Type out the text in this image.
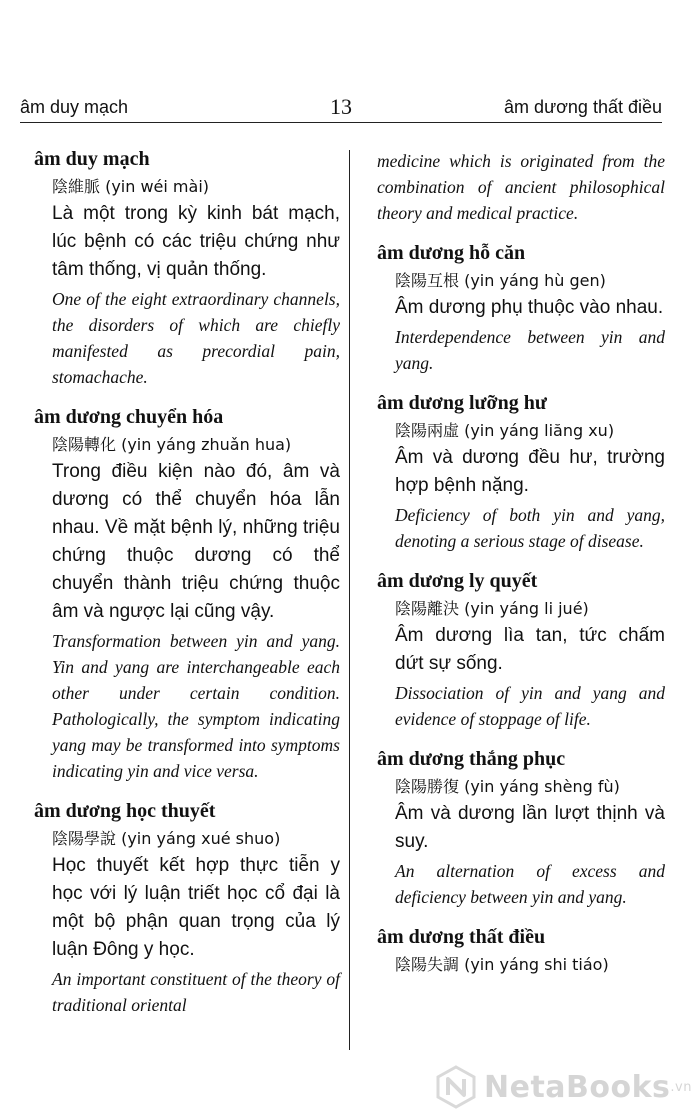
âm duy mạch	13	âm dương thất điều
âm duy mạch
陰維脈 (yin wéi mài)
Là một trong kỳ kinh bát mạch, lúc bệnh có các triệu chứng như tâm thống, vị quản thống.
One of the eight extraordinary channels, the disorders of which are chiefly manifested as precordial pain, stomachache.
âm dương chuyển hóa
陰陽轉化 (yin yáng zhuǎn hua)
Trong điều kiện nào đó, âm và dương có thể chuyển hóa lẫn nhau. Về mặt bệnh lý, những triệu chứng thuộc dương có thể chuyển thành triệu chứng thuộc âm và ngược lại cũng vậy.
Transformation between yin and yang. Yin and yang are interchangeable each other under certain condition. Pathologically, the symptom indicating yang may be transformed into symptoms indicating yin and vice versa.
âm dương học thuyết
陰陽學說 (yin yáng xué shuo)
Học thuyết kết hợp thực tiễn y học với lý luận triết học cổ đại là một bộ phận quan trọng của lý luận Đông y học.
An important constituent of the theory of traditional oriental
medicine which is originated from the combination of ancient philosophical theory and medical practice.
âm dương hỗ căn
陰陽互根 (yin yáng hù gen)
Âm dương phụ thuộc vào nhau.
Interdependence between yin and yang.
âm dương lưỡng hư
陰陽兩虛 (yin yáng liăng xu)
Âm và dương đều hư, trường hợp bệnh nặng.
Deficiency of both yin and yang, denoting a serious stage of disease.
âm dương ly quyết
陰陽離決 (yin yáng li jué)
Âm dương lìa tan, tức chấm dứt sự sống.
Dissociation of yin and yang and evidence of stoppage of life.
âm dương thắng phục
陰陽勝復 (yin yáng shèng fù)
Âm và dương lần lượt thịnh và suy.
An alternation of excess and deficiency between yin and yang.
âm dương thất điều
陰陽失調 (yin yáng shi tiáo)
NetaBooks .vn
